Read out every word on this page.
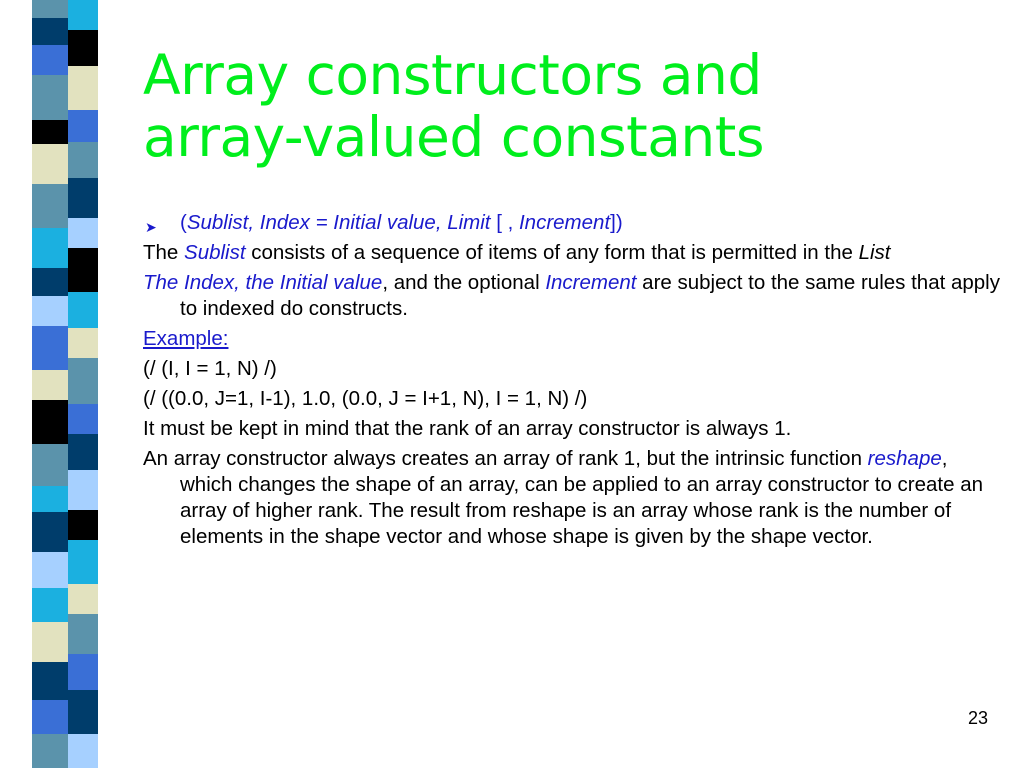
Array constructors and
array-valued constants
➤ (Sublist, Index = Initial value, Limit [ , Increment])

The Sublist consists of a sequence of items of any form that is permitted in the List

The Index, the Initial value, and the optional Increment are subject to the same rules that apply to indexed do constructs.

Example:

(/ (I, I = 1, N) /)

(/ ((0.0, J=1, I-1), 1.0, (0.0, J = I+1, N), I = 1, N) /)

It must be kept in mind that the rank of an array constructor is always 1.

An array constructor always creates an array of rank 1, but the intrinsic function reshape, which changes the shape of an array, can be applied to an array constructor to create an array of higher rank. The result from reshape is an array whose rank is the number of elements in the shape vector and whose shape is given by the shape vector.

23
